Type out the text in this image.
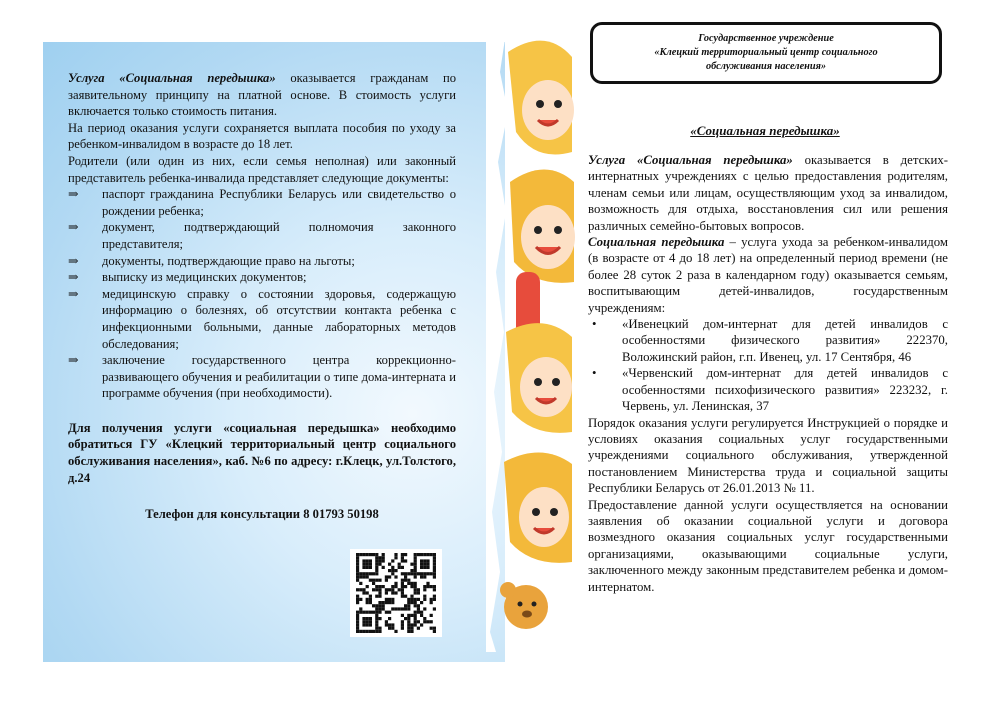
Услуга «Социальная передышка» оказывается гражданам по заявительному принципу на платной основе. В стоимость услуги включается только стоимость питания.

На период оказания услуги сохраняется выплата пособия по уходу за ребенком-инвалидом в возрасте до 18 лет.

Родители (или один из них, если семья неполная) или законный представитель ребенка-инвалида представляет следующие документы:

⇒ паспорт гражданина Республики Беларусь или свидетельство о рождении ребенка;
⇒ документ, подтверждающий полномочия законного представителя;
⇒ документы, подтверждающие право на льготы;
⇒ выписку из медицинских документов;
⇒ медицинскую справку о состоянии здоровья, содержащую информацию о болезнях, об отсутствии контакта ребенка с инфекционными больными, данные лабораторных методов обследования;
⇒ заключение государственного центра коррекционно-развивающего обучения и реабилитации о типе дома-интерната и программе обучения (при необходимости).

Для получения услуги «социальная передышка» необходимо обратиться ГУ «Клецкий территориальный центр социального обслуживания населения», каб. №6 по адресу: г.Клецк, ул.Толстого, д.24

Телефон для консультации 8 01793 50198

Государственное учреждение
«Клецкий территориальный центр социального
обслуживания населения»
«Социальная передышка»

Услуга «Социальная передышка» оказывается в детских-интернатных учреждениях с целью предоставления родителям, членам семьи или лицам, осуществляющим уход за инвалидом, возможность для отдыха, восстановления сил или решения различных семейно-бытовых вопросов.

Социальная передышка – услуга ухода за ребенком-инвалидом (в возрасте от 4 до 18 лет) на определенный период времени (не более 28 суток 2 раза в календарном году) оказывается семьям, воспитывающим детей-инвалидов, государственным учреждениям:

• «Ивенецкий дом-интернат для детей инвалидов с особенностями физического развития» 222370, Воложинский район, г.п. Ивенец, ул. 17 Сентября, 46
• «Червенский дом-интернат для детей инвалидов с особенностями психофизического развития» 223232, г. Червень, ул. Ленинская, 37

Порядок оказания услуги регулируется Инструкцией о порядке и условиях оказания социальных услуг государственными учреждениями социального обслуживания, утвержденной постановлением Министерства труда и социальной защиты Республики Беларусь от 26.01.2013 № 11.

Предоставление данной услуги осуществляется на основании заявления об оказании социальной услуги и договора возмездного оказания социальных услуг государственными организациями, оказывающими социальные услуги, заключенного между законным представителем ребенка и домом-интернатом.
